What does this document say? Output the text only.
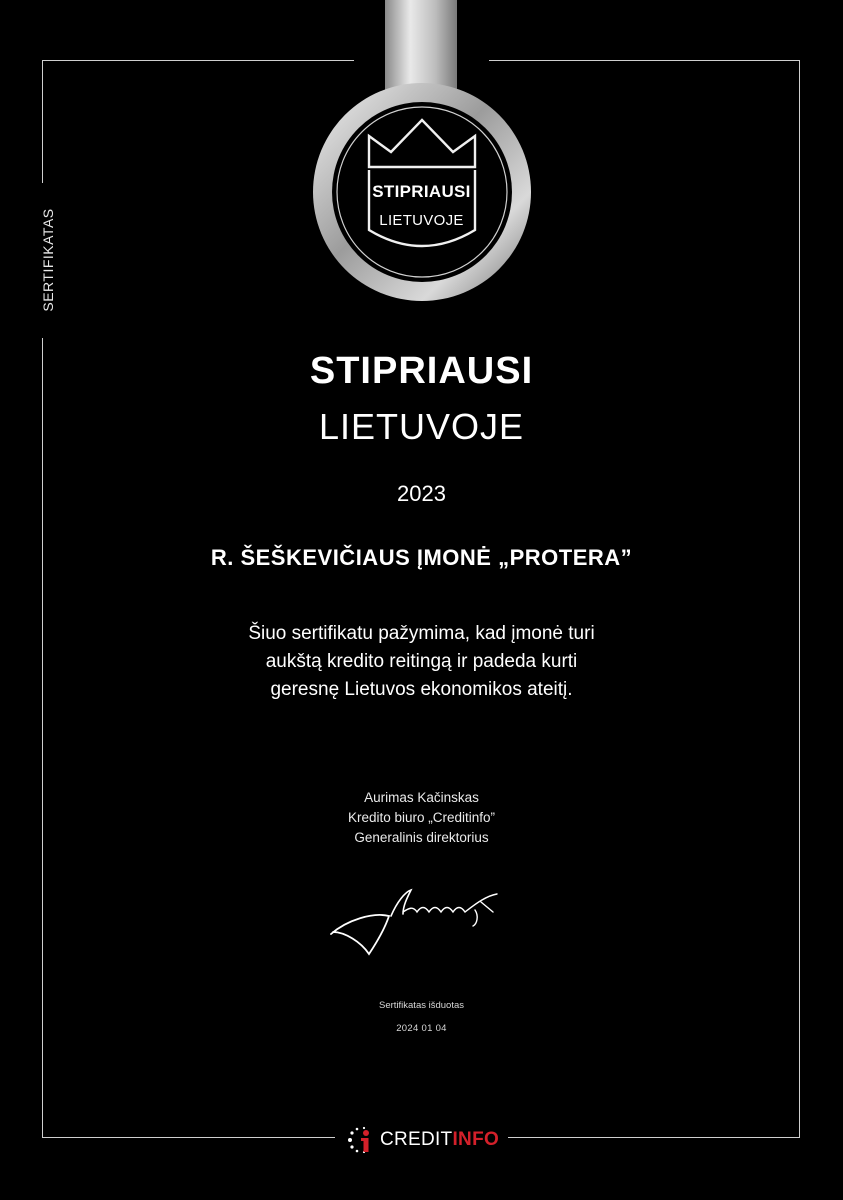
SERTIFIKATAS
STIPRIAUSI
LIETUVOJE
STIPRIAUSI
LIETUVOJE
2023
R. ŠEŠKEVIČIAUS ĮMONĖ „PROTERA”
Šiuo sertifikatu pažymima, kad įmonė turi
aukštą kredito reitingą ir padeda kurti
geresnę Lietuvos ekonomikos ateitį.
Aurimas Kačinskas
Kredito biuro „Creditinfo”
Generalinis direktorius
Sertifikatas išduotas
2024 01 04
CREDITINFO
